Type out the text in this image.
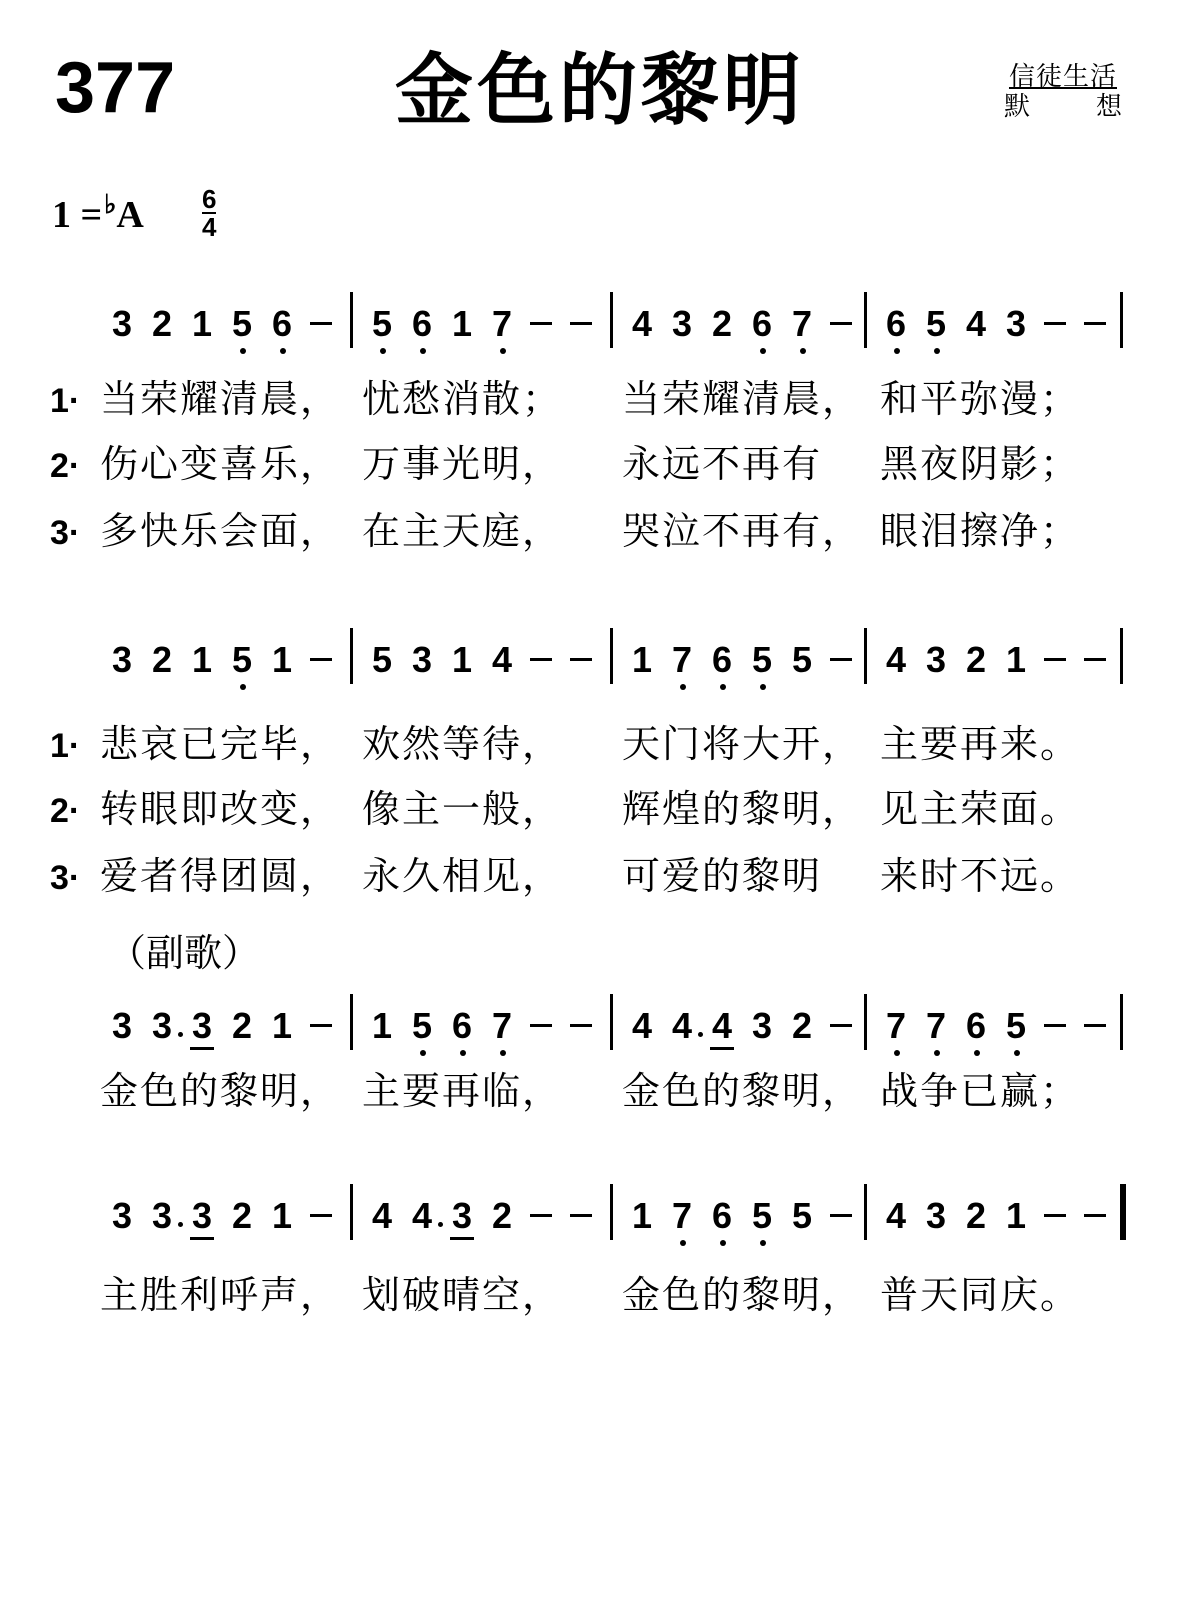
377	金色的黎明	信徒生活
默　想
$1 =^♭A \frac{6}{4}$
（副歌）
3 2 1 5 6 5 6 1 7	4 3 2 6 7 6 5 4 3
1· 当荣耀清晨， 忧愁消散； 当荣耀清晨， 和平弥漫；
2· 伤心变喜乐， 万事光明， 永远不再有 黑夜阴影；
3· 多快乐会面， 在主天庭， 哭泣不再有， 眼泪擦净；
3 2 1 5 1 5 3 1 4	1 7 6 5 5 4 3 2 1
1· 悲哀已完毕， 欢然等待， 天门将大开， 主要再来。
2· 转眼即改变， 像主一般， 辉煌的黎明， 见主荣面。
3· 爱者得团圆， 永久相见， 可爱的黎明 来时不远。
3 3 3 2 1 1 5 6 7	4 4 4 3 2 7 7 6 5
金色的黎明， 主要再临， 金色的黎明， 战争已赢；
3 3 3 2 1 4 4 3 2	1 7 6 5 5 4 3 2 1
主胜利呼声， 划破晴空， 金色的黎明， 普天同庆。
